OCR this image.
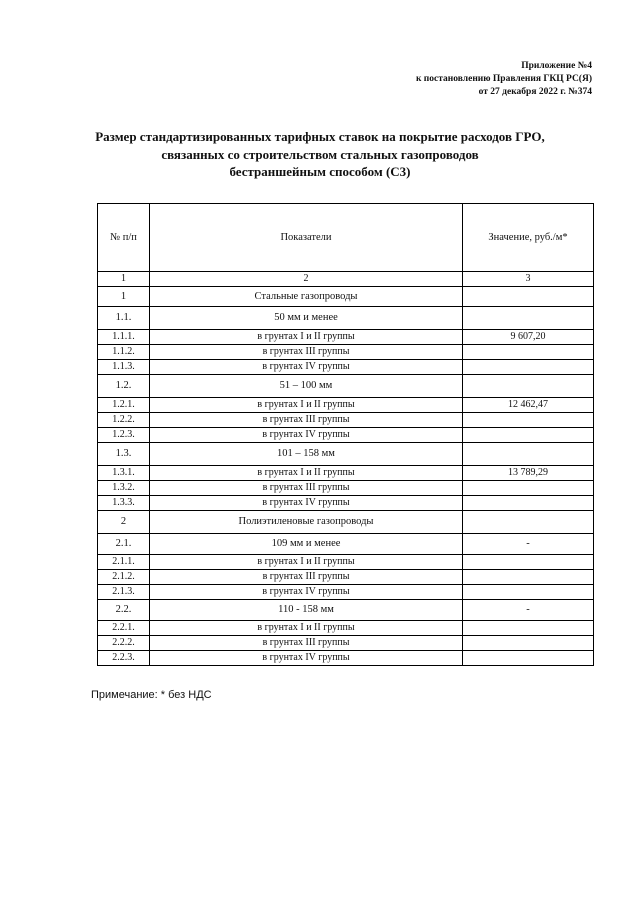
Приложение №4
к постановлению Правления ГКЦ РС(Я)
от 27 декабря 2022 г. №374
Размер стандартизированных тарифных ставок на покрытие расходов ГРО,
связанных со строительством стальных газопроводов
бестраншейным способом (С3)
№ п/п	Показатели	Значение, руб./м*
1	2	3
1	Стальные газопроводы	
1.1.	50 мм и менее	
1.1.1.	в грунтах I и II группы	9 607,20
1.1.2.	в грунтах III группы	
1.1.3.	в грунтах IV группы	
1.2.	51 – 100 мм	
1.2.1.	в грунтах I и II группы	12 462,47
1.2.2.	в грунтах III группы	
1.2.3.	в грунтах IV группы	
1.3.	101 – 158 мм	
1.3.1.	в грунтах I и II группы	13 789,29
1.3.2.	в грунтах III группы	
1.3.3.	в грунтах IV группы	
2	Полиэтиленовые газопроводы	
2.1.	109 мм и менее	-
2.1.1.	в грунтах I и II группы	
2.1.2.	в грунтах III группы	
2.1.3.	в грунтах IV группы	
2.2.	110 - 158 мм	-
2.2.1.	в грунтах I и II группы	
2.2.2.	в грунтах III группы	
2.2.3.	в грунтах IV группы	
Примечание: * без НДС
